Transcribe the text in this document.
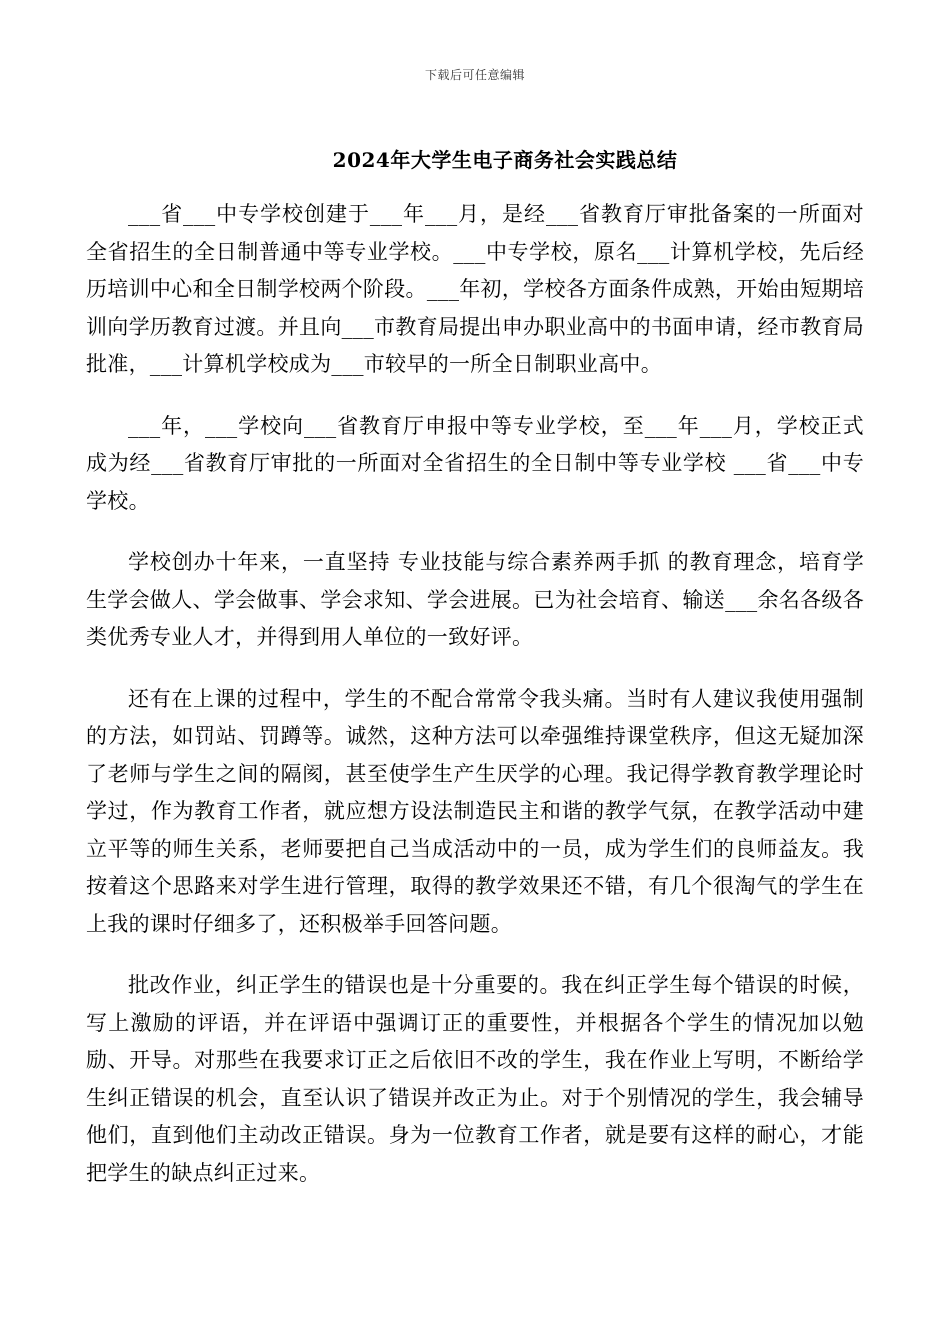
下载后可任意编辑
2024年大学生电子商务社会实践总结

___省___中专学校创建于___年___月，是经___省教育厅审批备案的一所面对全省招生的全日制普通中等专业学校。___中专学校，原名___计算机学校，先后经历培训中心和全日制学校两个阶段。___年初，学校各方面条件成熟，开始由短期培训向学历教育过渡。并且向___市教育局提出申办职业高中的书面申请，经市教育局批准，___计算机学校成为___市较早的一所全日制职业高中。

___年，___学校向___省教育厅申报中等专业学校，至___年___月，学校正式成为经___省教育厅审批的一所面对全省招生的全日制中等专业学校 ___省___中专学校。

学校创办十年来，一直坚持 专业技能与综合素养两手抓 的教育理念，培育学生学会做人、学会做事、学会求知、学会进展。已为社会培育、输送___余名各级各类优秀专业人才，并得到用人单位的一致好评。

还有在上课的过程中，学生的不配合常常令我头痛。当时有人建议我使用强制的方法，如罚站、罚蹲等。诚然，这种方法可以牵强维持课堂秩序，但这无疑加深了老师与学生之间的隔阂，甚至使学生产生厌学的心理。我记得学教育教学理论时学过，作为教育工作者，就应想方设法制造民主和谐的教学气氛，在教学活动中建立平等的师生关系，老师要把自己当成活动中的一员，成为学生们的良师益友。我按着这个思路来对学生进行管理，取得的教学效果还不错，有几个很淘气的学生在上我的课时仔细多了，还积极举手回答问题。

批改作业，纠正学生的错误也是十分重要的。我在纠正学生每个错误的时候，写上激励的评语，并在评语中强调订正的重要性，并根据各个学生的情况加以勉励、开导。对那些在我要求订正之后依旧不改的学生，我在作业上写明，不断给学生纠正错误的机会，直至认识了错误并改正为止。对于个别情况的学生，我会辅导他们，直到他们主动改正错误。身为一位教育工作者，就是要有这样的耐心，才能把学生的缺点纠正过来。
